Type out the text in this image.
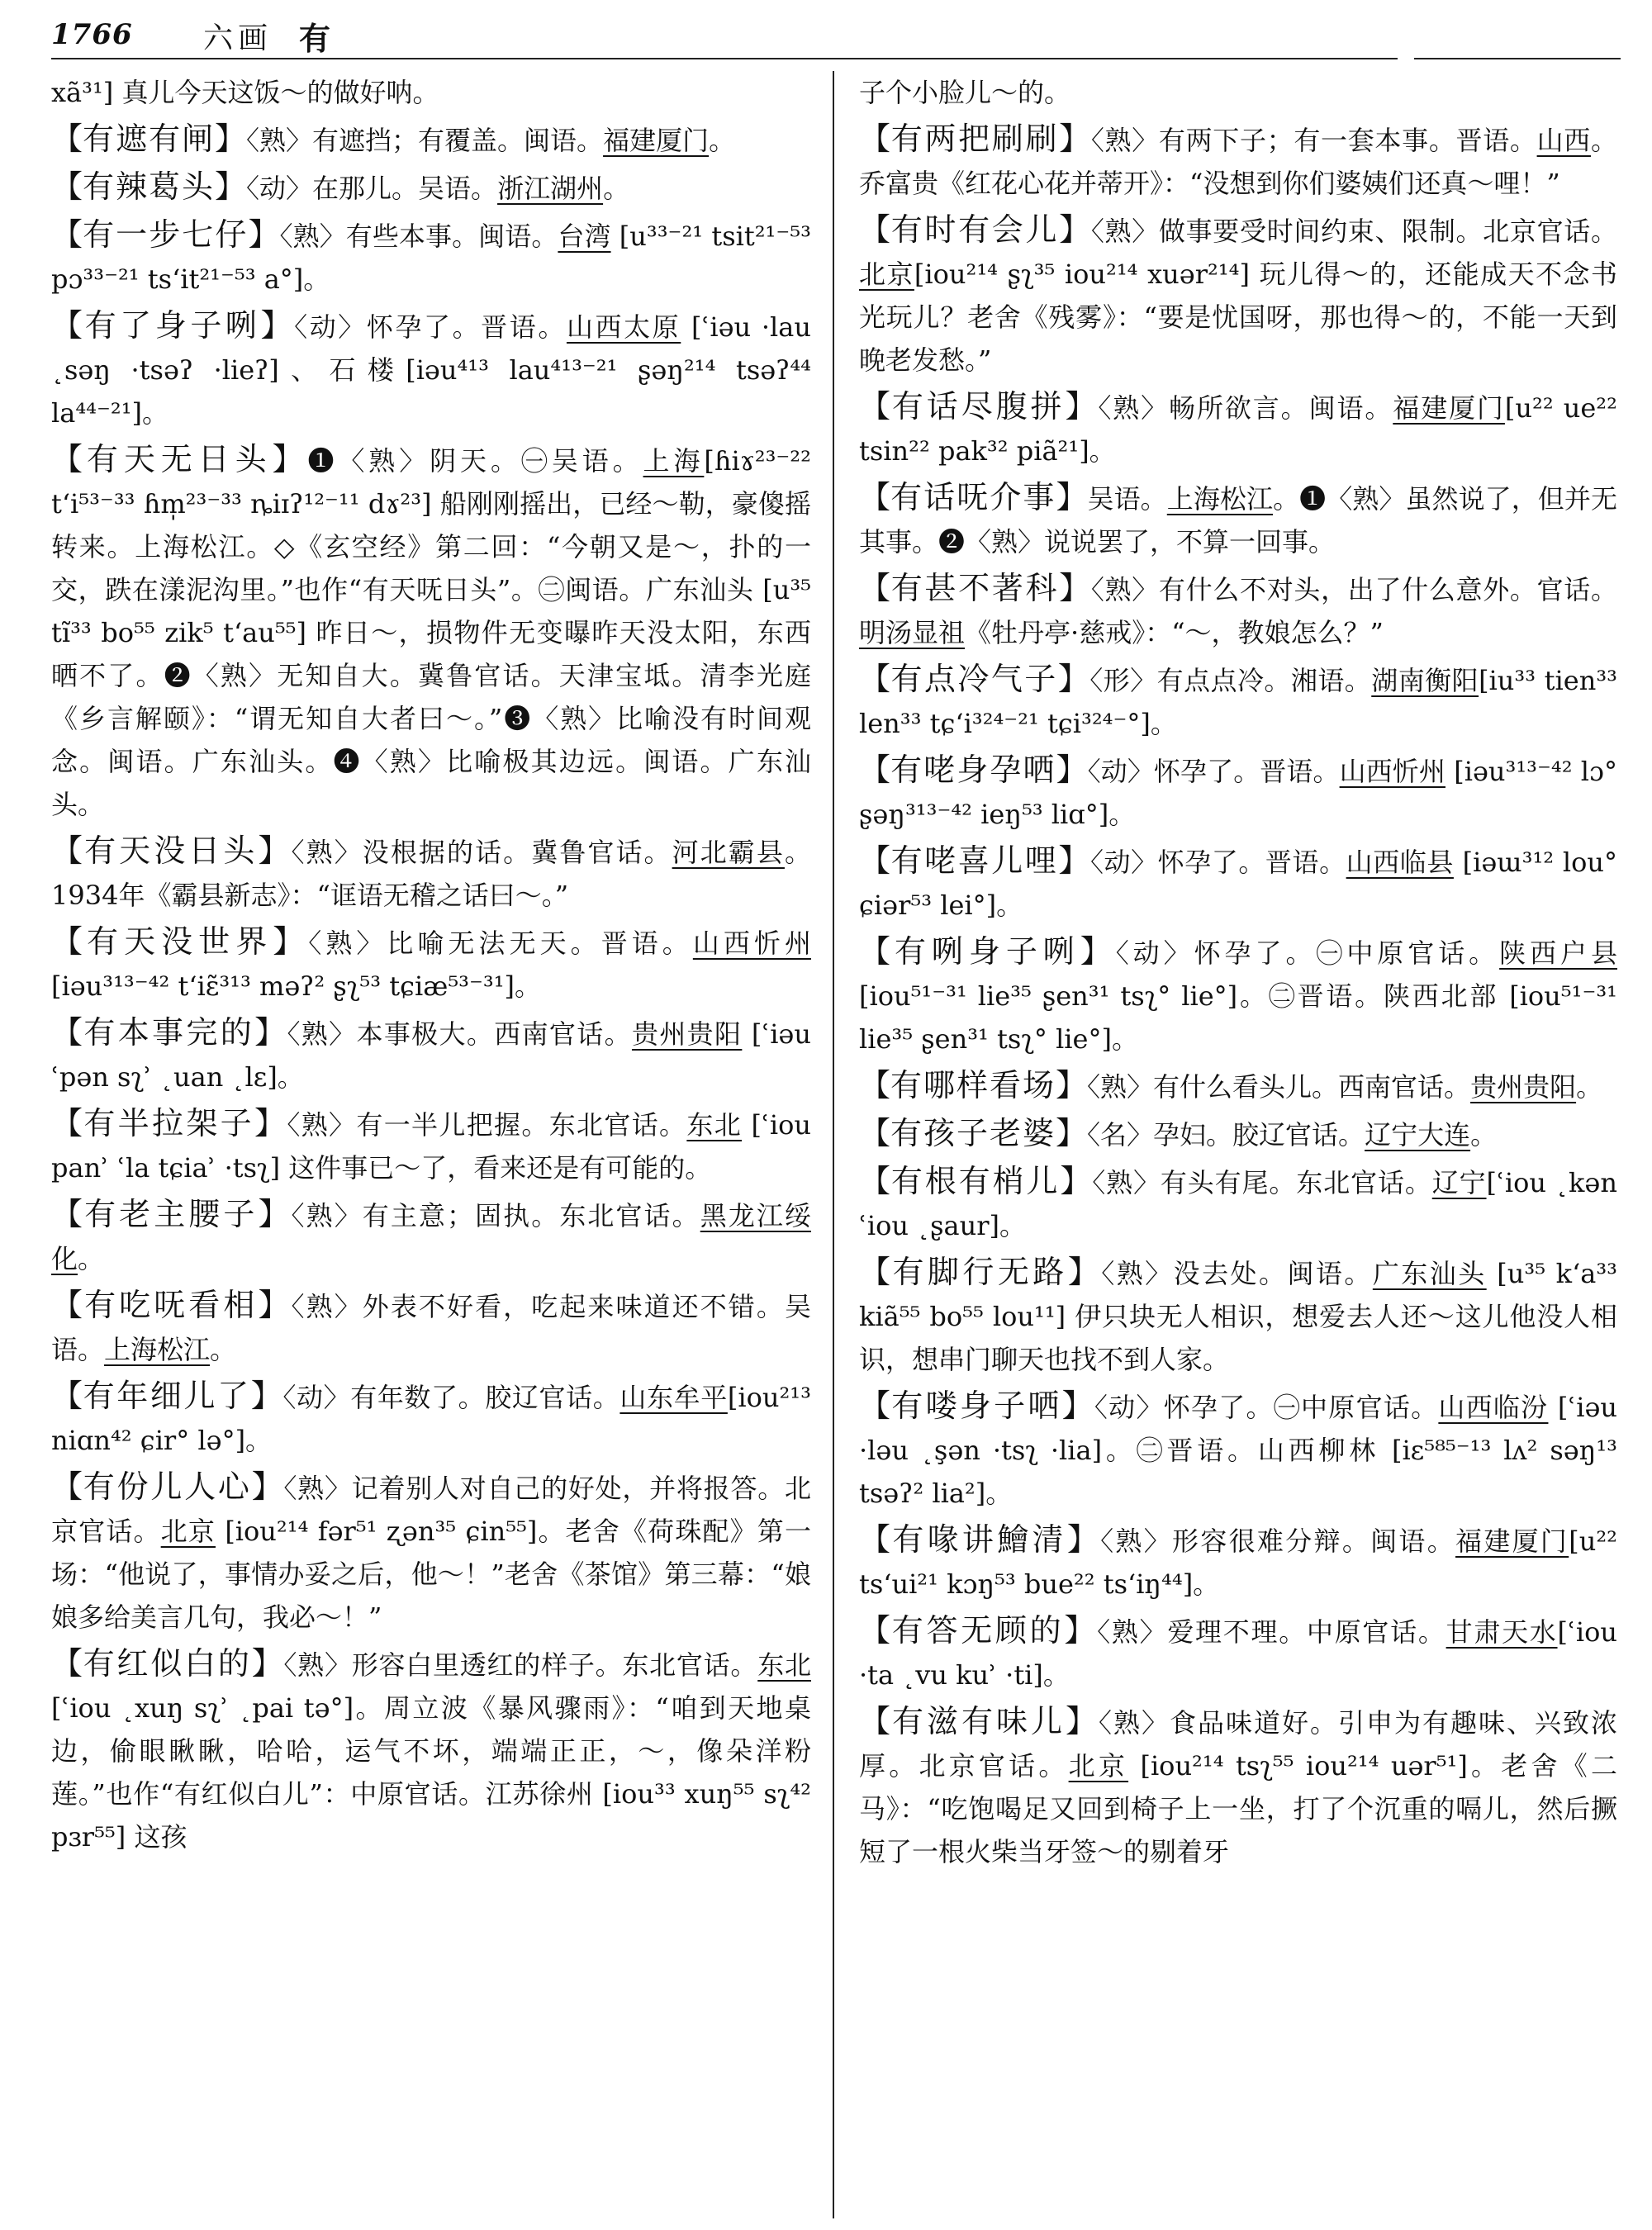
1766 六画 有

xã³¹] 真儿今天这饭～的做好呐。

【有遮有闸】〈熟〉有遮挡；有覆盖。闽语。福建厦门。

【有辣葛头】〈动〉在那儿。吴语。浙江湖州。

【有一步七仔】〈熟〉有些本事。闽语。台湾 [u³³⁻²¹ tsit²¹⁻⁵³ pɔ³³⁻²¹ tsʻit²¹⁻⁵³ a°]。

【有了身子咧】〈动〉怀孕了。晋语。山西太原 [ʿiəu ·lau ˛səŋ ·tsəʔ ·lieʔ]、石楼[iəu⁴¹³ lau⁴¹³⁻²¹ ʂəŋ²¹⁴ tsəʔ⁴⁴ la⁴⁴⁻²¹]。

【有天无日头】❶〈熟〉阴天。㊀吴语。上海[ɦiɤ²³⁻²² tʻi⁵³⁻³³ ɦm̩²³⁻³³ ȵiɪʔ¹²⁻¹¹ dɤ²³] 船刚刚摇出，已经～勒，豪傻摇转来。上海松江。◇《玄空经》第二回：“今朝又是～，扑的一交，跌在漾泥沟里。”也作“有天呒日头”。㊁闽语。广东汕头 [u³⁵ tĩ³³ bo⁵⁵ zik⁵ tʻau⁵⁵] 昨日～，损物件无变曝昨天没太阳，东西晒不了。❷〈熟〉无知自大。冀鲁官话。天津宝坻。清李光庭《乡言解颐》：“谓无知自大者曰～。”❸〈熟〉比喻没有时间观念。闽语。广东汕头。❹〈熟〉比喻极其边远。闽语。广东汕头。

【有天没日头】〈熟〉没根据的话。冀鲁官话。河北霸县。1934年《霸县新志》：“诓语无稽之话曰～。”

【有天没世界】〈熟〉比喻无法无天。晋语。山西忻州[iəu³¹³⁻⁴² tʻiɛ̃³¹³ məʔ² ʂʅ⁵³ tɕiæ⁵³⁻³¹]。

【有本事完的】〈熟〉本事极大。西南官话。贵州贵阳 [ʿiəu ʿpən sʅʾ ˛uan ˛lɛ]。

【有半拉架子】〈熟〉有一半儿把握。东北官话。东北 [ʿiou panʾ ʿla tɕiaʾ ·tsʅ] 这件事已～了，看来还是有可能的。

【有老主腰子】〈熟〉有主意；固执。东北官话。黑龙江绥化。

【有吃呒看相】〈熟〉外表不好看，吃起来味道还不错。吴语。上海松江。

【有年细儿了】〈动〉有年数了。胶辽官话。山东牟平[iou²¹³ niɑn⁴² ɕir° lə°]。

【有份儿人心】〈熟〉记着别人对自己的好处，并将报答。北京官话。北京 [iou²¹⁴ fər⁵¹ ʐən³⁵ ɕin⁵⁵]。老舍《荷珠配》第一场：“他说了，事情办妥之后，他～！”老舍《茶馆》第三幕：“娘娘多给美言几句，我必～！”

【有红似白的】〈熟〉形容白里透红的样子。东北官话。东北[ʿiou ˛xuŋ sʅʾ ˛pai tə°]。周立波《暴风骤雨》：“咱到天地桌边，偷眼瞅瞅，哈哈，运气不坏，端端正正，～，像朵洋粉莲。”也作“有红似白儿”：中原官话。江苏徐州 [iou³³ xuŋ⁵⁵ sʅ⁴² pɜr⁵⁵] 这孩

子个小脸儿～的。

【有两把刷刷】〈熟〉有两下子；有一套本事。晋语。山西。乔富贵《红花心花并蒂开》：“没想到你们婆姨们还真～哩！”

【有时有会儿】〈熟〉做事要受时间约束、限制。北京官话。北京[iou²¹⁴ ʂʅ³⁵ iou²¹⁴ xuər²¹⁴] 玩儿得～的，还能成天不念书光玩儿？老舍《残雾》：“要是忧国呀，那也得～的，不能一天到晚老发愁。”

【有话尽腹拼】〈熟〉畅所欲言。闽语。福建厦门[u²² ue²² tsin²² pak³² piã²¹]。

【有话呒介事】吴语。上海松江。❶〈熟〉虽然说了，但并无其事。❷〈熟〉说说罢了，不算一回事。

【有甚不著科】〈熟〉有什么不对头，出了什么意外。官话。明汤显祖《牡丹亭·慈戒》：“～，教娘怎么？”

【有点冷气子】〈形〉有点点冷。湘语。湖南衡阳[iu³³ tien³³ len³³ tɕʻi³²⁴⁻²¹ tɕi³²⁴⁻°]。

【有咾身孕哂】〈动〉怀孕了。晋语。山西忻州 [iəu³¹³⁻⁴² lɔ° ʂəŋ³¹³⁻⁴² ieŋ⁵³ liɑ°]。

【有咾喜儿哩】〈动〉怀孕了。晋语。山西临县 [iəɯ³¹² lou° ɕiər⁵³ lei°]。

【有咧身子咧】〈动〉怀孕了。㊀中原官话。陕西户县 [iou⁵¹⁻³¹ lie³⁵ ʂen³¹ tsʅ° lie°]。㊁晋语。陕西北部 [iou⁵¹⁻³¹ lie³⁵ ʂen³¹ tsʅ° lie°]。

【有哪样看场】〈熟〉有什么看头儿。西南官话。贵州贵阳。

【有孩子老婆】〈名〉孕妇。胶辽官话。辽宁大连。

【有根有梢儿】〈熟〉有头有尾。东北官话。辽宁[ʿiou ˛kən ʿiou ˛ʂaur]。

【有脚行无路】〈熟〉没去处。闽语。广东汕头 [u³⁵ kʻa³³ kiã⁵⁵ bo⁵⁵ lou¹¹] 伊只块无人相识，想爱去人还～这儿他没人相识，想串门聊天也找不到人家。

【有喽身子哂】〈动〉怀孕了。㊀中原官话。山西临汾 [ʿiəu ·ləu ˛şən ·tsʅ ·lia]。㊁晋语。山西柳林 [iɛ⁵⁸⁵⁻¹³ lʌ² səŋ¹³ tsəʔ² lia²]。

【有喙讲鱠清】〈熟〉形容很难分辩。闽语。福建厦门[u²² tsʻui²¹ kɔŋ⁵³ bue²² tsʻiŋ⁴⁴]。

【有答无顾的】〈熟〉爱理不理。中原官话。甘肃天水[ʿiou ·ta ˛vu kuʾ ·ti]。

【有滋有味儿】〈熟〉食品味道好。引申为有趣味、兴致浓厚。北京官话。北京 [iou²¹⁴ tsʅ⁵⁵ iou²¹⁴ uər⁵¹]。老舍《二马》：“吃饱喝足又回到椅子上一坐，打了个沉重的嗝儿，然后撅短了一根火柴当牙签～的剔着牙
